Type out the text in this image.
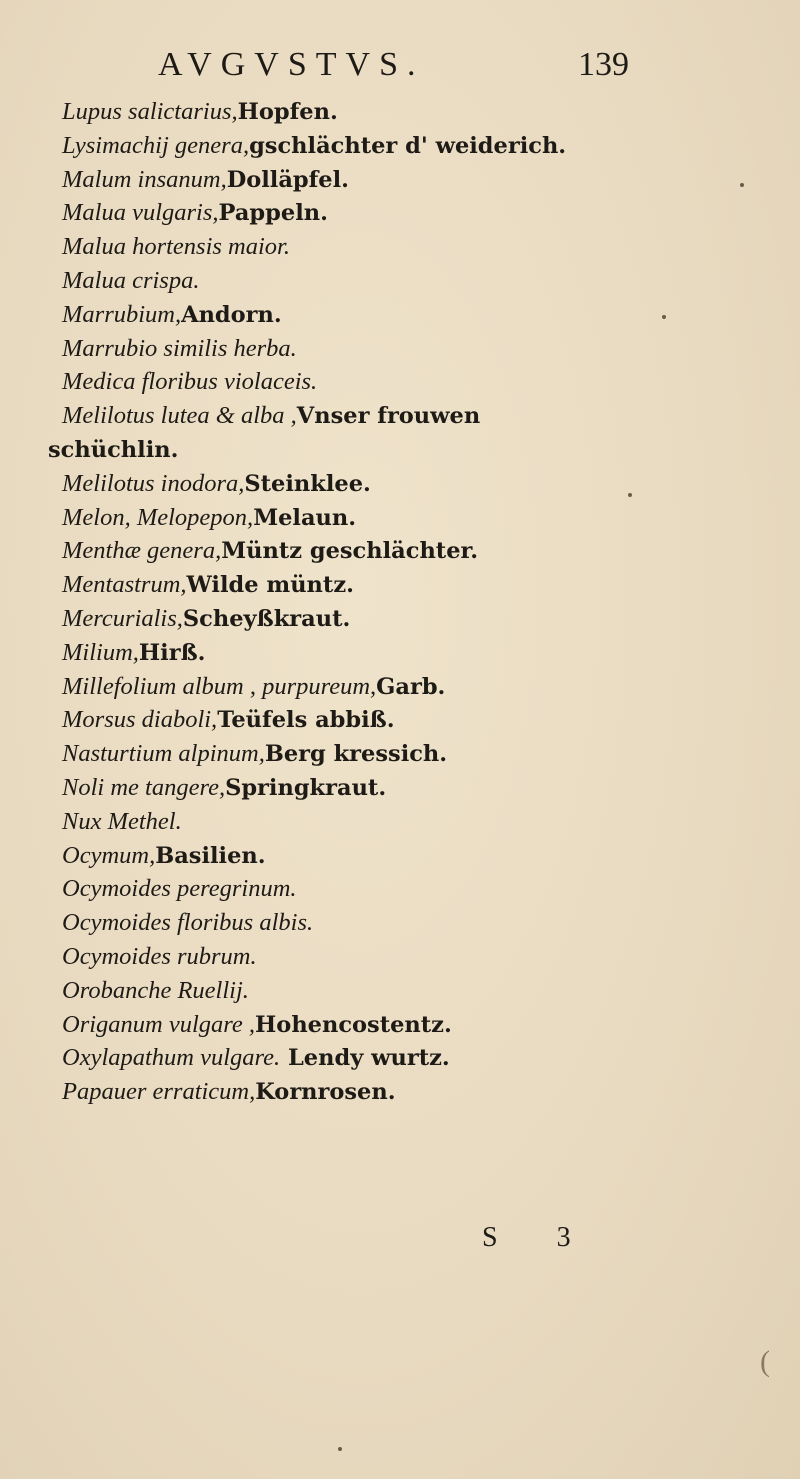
AVGVSTVS.	139
Lupus salictarius,Hopfen.
Lysimachij genera,gschlächter d' weiderich.
Malum insanum,Dolläpfel.
Malua vulgaris,Pappeln.
Malua hortensis maior.
Malua crispa.
Marrubium,Andorn.
Marrubio similis herba.
Medica floribus violaceis.
Melilotus lutea & alba ,Vnser frouwen
schüchlin.
Melilotus inodora,Steinklee.
Melon, Melopepon,Melaun.
Menthæ genera,Müntz geschlächter.
Mentastrum,Wilde müntz.
Mercurialis,Scheyßkraut.
Milium,Hirß.
Millefolium album , purpureum,Garb.
Morsus diaboli,Teüfels abbiß.
Nasturtium alpinum,Berg kressich.
Noli me tangere,Springkraut.
Nux Methel.
Ocymum,Basilien.
Ocymoides peregrinum.
Ocymoides floribus albis.
Ocymoides rubrum.
Orobanche Ruellij.
Origanum vulgare ,Hohencostentz.
Oxylapathum vulgare. Lendy wurtz.
Papauer erraticum,Kornrosen.
S 3
(
